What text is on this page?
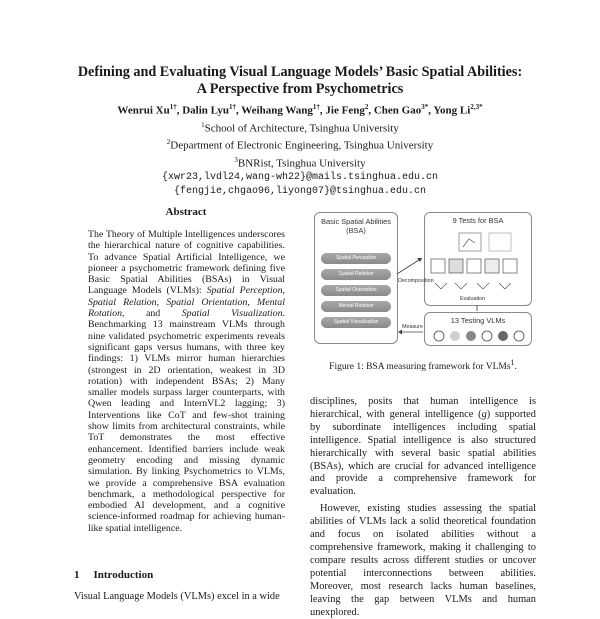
Defining and Evaluating Visual Language Models’ Basic Spatial Abilities:
A Perspective from Psychometrics
Wenrui $Xu^{1\dagger}$, Dalin Lyu$^{1\dagger}$, Weihang Wang$^{1\dagger}$, Jie Feng$^2$, Chen Gao$^{3*}$, Yong $Li^{2,3*}$
$^1$School of Architecture, Tsinghua University
$^2$Department of Electronic Engineering, Tsinghua University
$^3$BNRist, Tsinghua University
{xwr23,lvdl24,wang-wh22}@mails.tsinghua.edu.cn
{fengjie,chgao96,liyong07}@tsinghua.edu.cn
Abstract
The Theory of Multiple Intelligences underscores the hierarchical nature of cognitive capabilities. To advance Spatial Artificial Intelligence, we pioneer a psychometric framework defining five Basic Spatial Abilities (BSAs) in Visual Language Models (VLMs): Spatial Perception, Spatial Relation, Spatial Orientation, Mental Rotation, and Spatial Visualization. Benchmarking 13 mainstream VLMs through nine validated psychometric experiments reveals significant gaps versus humans, with three key findings: 1) VLMs mirror human hierarchies (strongest in 2D orientation, weakest in 3D rotation) with independent BSAs; 2) Many smaller models surpass larger counterparts, with Qwen leading and InternVL2 lagging; 3) Interventions like CoT and few-shot training show limits from architectural constraints, while ToT demonstrates the most effective enhancement. Identified barriers include weak geometry encoding and missing dynamic simulation. By linking Psychometrics to VLMs, we provide a comprehensive BSA evaluation benchmark, a methodological perspective for embodied AI development, and a cognitive science-informed roadmap for achieving human-like spatial intelligence.
1 Introduction
Visual Language Models (VLMs) excel in a wide
Basic Spatial Abilities (BSA)
Spatial Perception
Spatial Relation
Spatial Orientation
Mental Rotation
Spatial Visualization
9 Tests for BSA
13 Testing VLMs
Decomposition
Evaluation
Measure
Figure 1: BSA measuring framework for VLMs$^1$.

disciplines, posits that human intelligence is hierarchical, with general intelligence (g) supported by subordinate intelligences including spatial intelligence. Spatial intelligence is also structured hierarchically with several basic spatial abilities (BSAs), which are crucial for advanced intelligence and provide a comprehensive framework for evaluation.

However, existing studies assessing the spatial abilities of VLMs lack a solid theoretical foundation and focus on isolated abilities without a comprehensive framework, making it challenging to compare results across different studies or uncover potential interconnections between abilities. Moreover, most research lacks human baselines, leaving the gap between VLMs and human unexplored.
